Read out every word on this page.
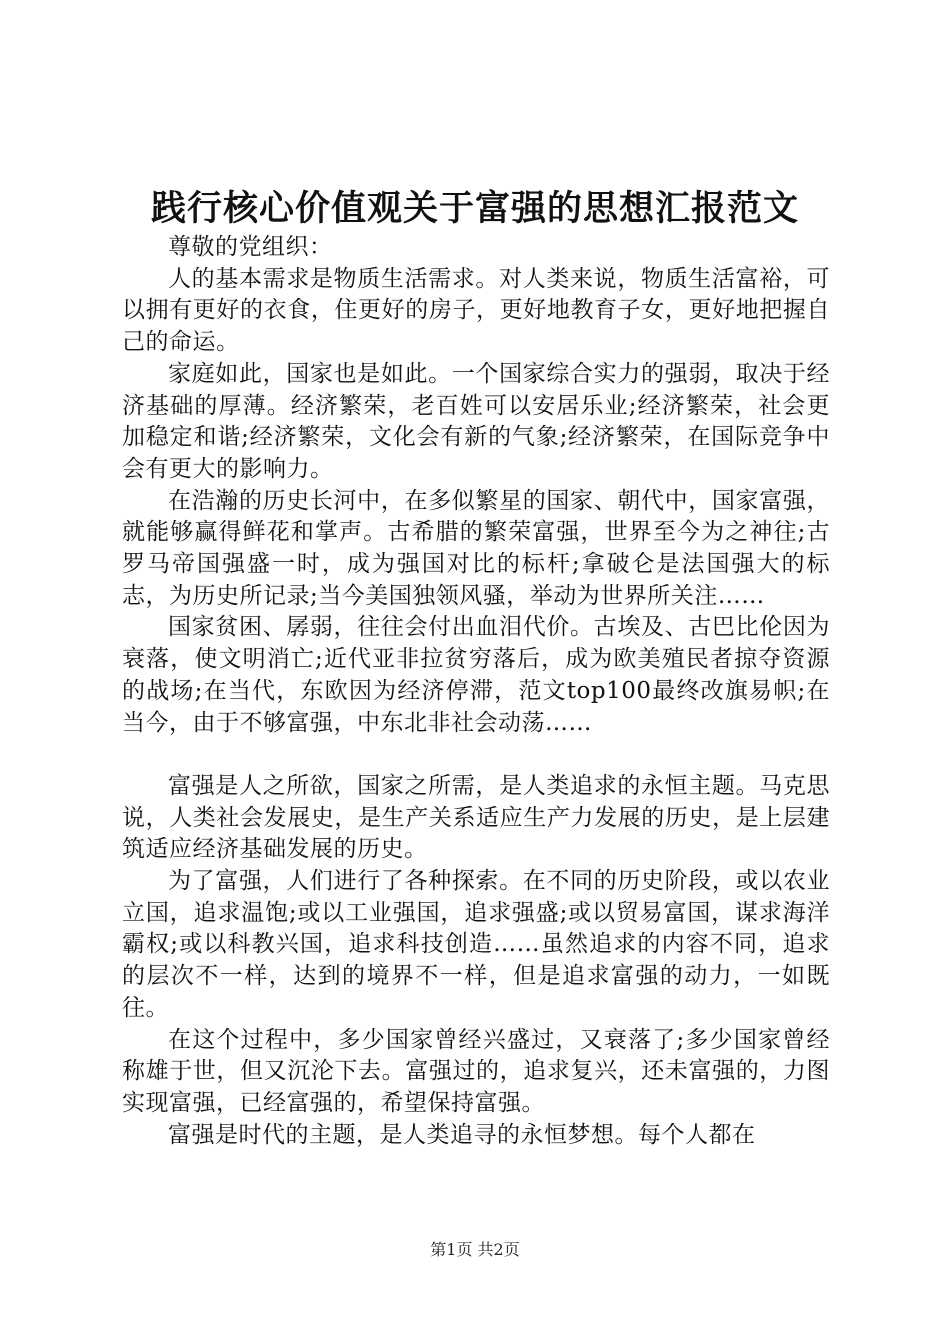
践行核心价值观关于富强的思想汇报范文

尊敬的党组织：

人的基本需求是物质生活需求。对人类来说，物质生活富裕，可以拥有更好的衣食，住更好的房子，更好地教育子女，更好地把握自己的命运。

家庭如此，国家也是如此。一个国家综合实力的强弱，取决于经济基础的厚薄。经济繁荣，老百姓可以安居乐业;经济繁荣，社会更加稳定和谐;经济繁荣，文化会有新的气象;经济繁荣，在国际竞争中会有更大的影响力。

在浩瀚的历史长河中，在多似繁星的国家、朝代中，国家富强，就能够赢得鲜花和掌声。古希腊的繁荣富强，世界至今为之神往;古罗马帝国强盛一时，成为强国对比的标杆;拿破仑是法国强大的标志，为历史所记录;当今美国独领风骚，举动为世界所关注……

国家贫困、孱弱，往往会付出血泪代价。古埃及、古巴比伦因为衰落，使文明消亡;近代亚非拉贫穷落后，成为欧美殖民者掠夺资源的战场;在当代，东欧因为经济停滞，范文top100最终改旗易帜;在当今，由于不够富强，中东北非社会动荡……

富强是人之所欲，国家之所需，是人类追求的永恒主题。马克思说，人类社会发展史，是生产关系适应生产力发展的历史，是上层建筑适应经济基础发展的历史。

为了富强，人们进行了各种探索。在不同的历史阶段，或以农业立国，追求温饱;或以工业强国，追求强盛;或以贸易富国，谋求海洋霸权;或以科教兴国，追求科技创造……虽然追求的内容不同，追求的层次不一样，达到的境界不一样，但是追求富强的动力，一如既往。

在这个过程中，多少国家曾经兴盛过，又衰落了;多少国家曾经称雄于世，但又沉沦下去。富强过的，追求复兴，还未富强的，力图实现富强，已经富强的，希望保持富强。

富强是时代的主题，是人类追寻的永恒梦想。每个人都在

第1页 共2页
